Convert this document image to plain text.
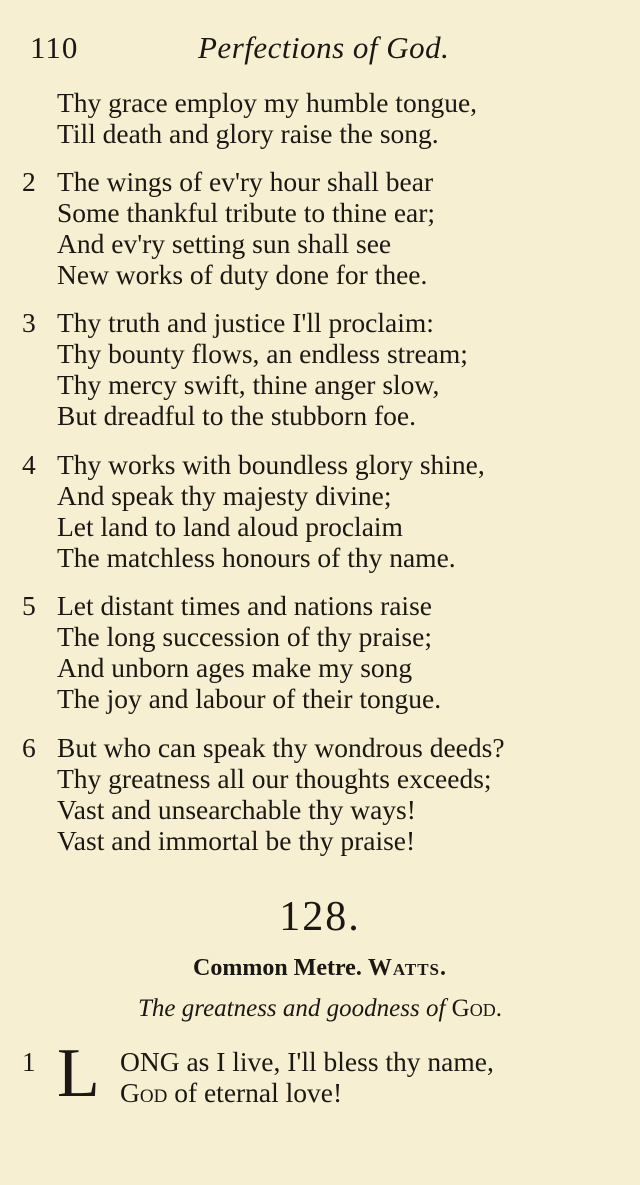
110	Perfections of God.
Thy grace employ my humble tongue,
Till death and glory raise the song.
2 The wings of ev'ry hour shall bear
Some thankful tribute to thine ear;
And ev'ry setting sun shall see
New works of duty done for thee.
3 Thy truth and justice I'll proclaim:
Thy bounty flows, an endless stream;
Thy mercy swift, thine anger slow,
But dreadful to the stubborn foe.
4 Thy works with boundless glory shine,
And speak thy majesty divine;
Let land to land aloud proclaim
The matchless honours of thy name.
5 Let distant times and nations raise
The long succession of thy praise;
And unborn ages make my song
The joy and labour of their tongue.
6 But who can speak thy wondrous deeds?
Thy greatness all our thoughts exceeds;
Vast and unsearchable thy ways!
Vast and immortal be thy praise!
128.
Common Metre. Watts.
The greatness and goodness of God.
1 L ONG as I live, I'll bless thy name,
God of eternal love!
